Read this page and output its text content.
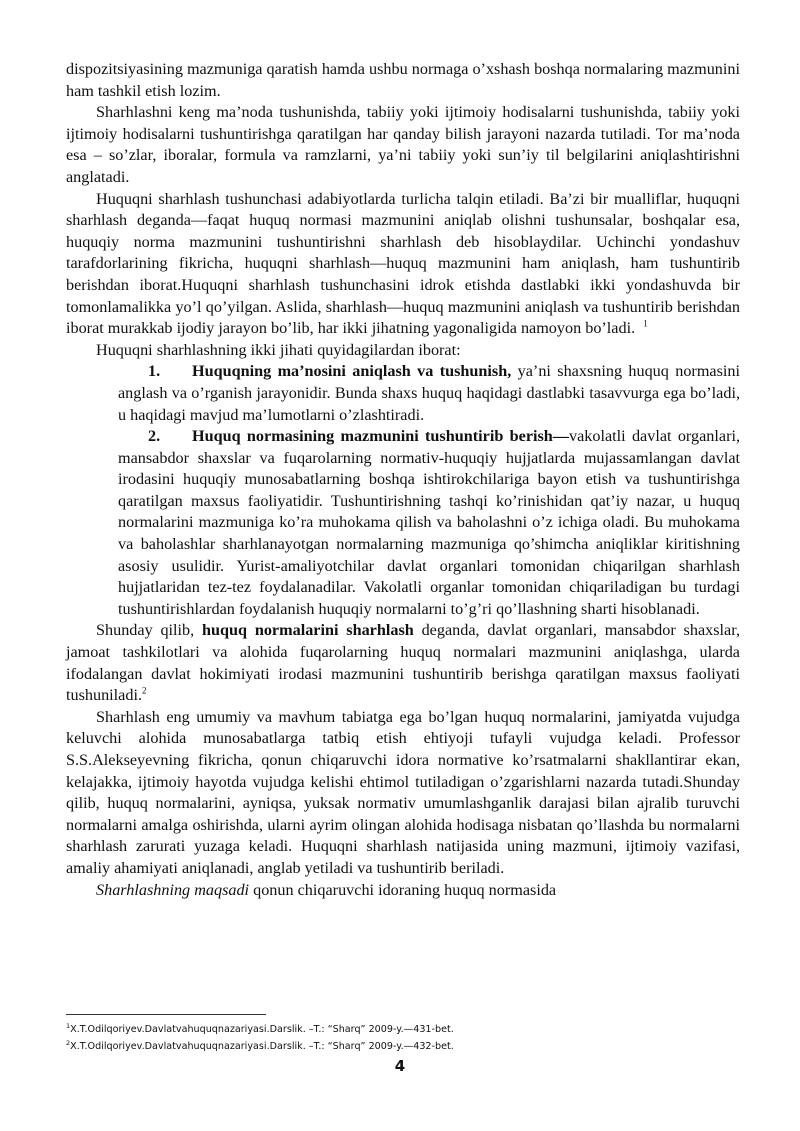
dispozitsiyasining mazmuniga qaratish hamda ushbu normaga o’xshash boshqa normalaring mazmunini ham tashkil etish lozim.

Sharhlashni keng ma’noda tushunishda, tabiiy yoki ijtimoiy hodisalarni tushunishda, tabiiy yoki ijtimoiy hodisalarni tushuntirishga qaratilgan har qanday bilish jarayoni nazarda tutiladi. Tor ma’noda esa – so’zlar, iboralar, formula va ramzlarni, ya’ni tabiiy yoki sun’iy til belgilarini aniqlashtirishni anglatadi.

Huquqni sharhlash tushunchasi adabiyotlarda turlicha talqin etiladi. Ba’zi bir mualliflar, huquqni sharhlash deganda—faqat huquq normasi mazmunini aniqlab olishni tushunsalar, boshqalar esa, huquqiy norma mazmunini tushuntirishni sharhlash deb hisoblaydilar. Uchinchi yondashuv tarafdorlarining fikricha, huquqni sharhlash—huquq mazmunini ham aniqlash, ham tushuntirib berishdan iborat.Huquqni sharhlash tushunchasini idrok etishda dastlabki ikki yondashuvda bir tomonlamalikka yo’l qo’yilgan. Aslida, sharhlash—huquq mazmunini aniqlash va tushuntirib berishdan iborat murakkab ijodiy jarayon bo’lib, har ikki jihatning yagonaligida namoyon bo’ladi. $^1$

Huquqni sharhlashning ikki jihati quyidagilardan iborat:

1. Huquqning ma’nosini aniqlash va tushunish, ya’ni shaxsning huquq normasini anglash va o’rganish jarayonidir. Bunda shaxs huquq haqidagi dastlabki tasavvurga ega bo’ladi, u haqidagi mavjud ma’lumotlarni o’zlashtiradi.

2. Huquq normasining mazmunini tushuntirib berish—vakolatli davlat organlari, mansabdor shaxslar va fuqarolarning normativ-huquqiy hujjatlarda mujassamlangan davlat irodasini huquqiy munosabatlarning boshqa ishtirokchilariga bayon etish va tushuntirishga qaratilgan maxsus faoliyatidir. Tushuntirishning tashqi ko’rinishidan qat’iy nazar, u huquq normalarini mazmuniga ko’ra muhokama qilish va baholashni o’z ichiga oladi. Bu muhokama va baholashlar sharhlanayotgan normalarning mazmuniga qo’shimcha aniqliklar kiritishning asosiy usulidir. Yurist-amaliyotchilar davlat organlari tomonidan chiqarilgan sharhlash hujjatlaridan tez-tez foydalanadilar. Vakolatli organlar tomonidan chiqariladigan bu turdagi tushuntirishlardan foydalanish huquqiy normalarni to’g’ri qo’llashning sharti hisoblanadi.

Shunday qilib, huquq normalarini sharhlash deganda, davlat organlari, mansabdor shaxslar, jamoat tashkilotlari va alohida fuqarolarning huquq normalari mazmunini aniqlashga, ularda ifodalangan davlat hokimiyati irodasi mazmunini tushuntirib berishga qaratilgan maxsus faoliyati tushuniladi.$^2$

Sharhlash eng umumiy va mavhum tabiatga ega bo’lgan huquq normalarini, jamiyatda vujudga keluvchi alohida munosabatlarga tatbiq etish ehtiyoji tufayli vujudga keladi. Professor S.S.Alekseyevning fikricha, qonun chiqaruvchi idora normative ko’rsatmalarni shakllantirar ekan, kelajakka, ijtimoiy hayotda vujudga kelishi ehtimol tutiladigan o’zgarishlarni nazarda tutadi.Shunday qilib, huquq normalarini, ayniqsa, yuksak normativ umumlashganlik darajasi bilan ajralib turuvchi normalarni amalga oshirishda, ularni ayrim olingan alohida hodisaga nisbatan qo’llashda bu normalarni sharhlash zarurati yuzaga keladi. Huquqni sharhlash natijasida uning mazmuni, ijtimoiy vazifasi, amaliy ahamiyati aniqlanadi, anglab yetiladi va tushuntirib beriladi.

Sharhlashning maqsadi qonun chiqaruvchi idoraning huquq normasida

$^1$X.T.Odilqoriyev.Davlatvahuquqnazariyasi.Darslik. –T.: “Sharq” 2009-y.—431-bet.
$^2$X.T.Odilqoriyev.Davlatvahuquqnazariyasi.Darslik. –T.: “Sharq” 2009-y.—432-bet.
4
